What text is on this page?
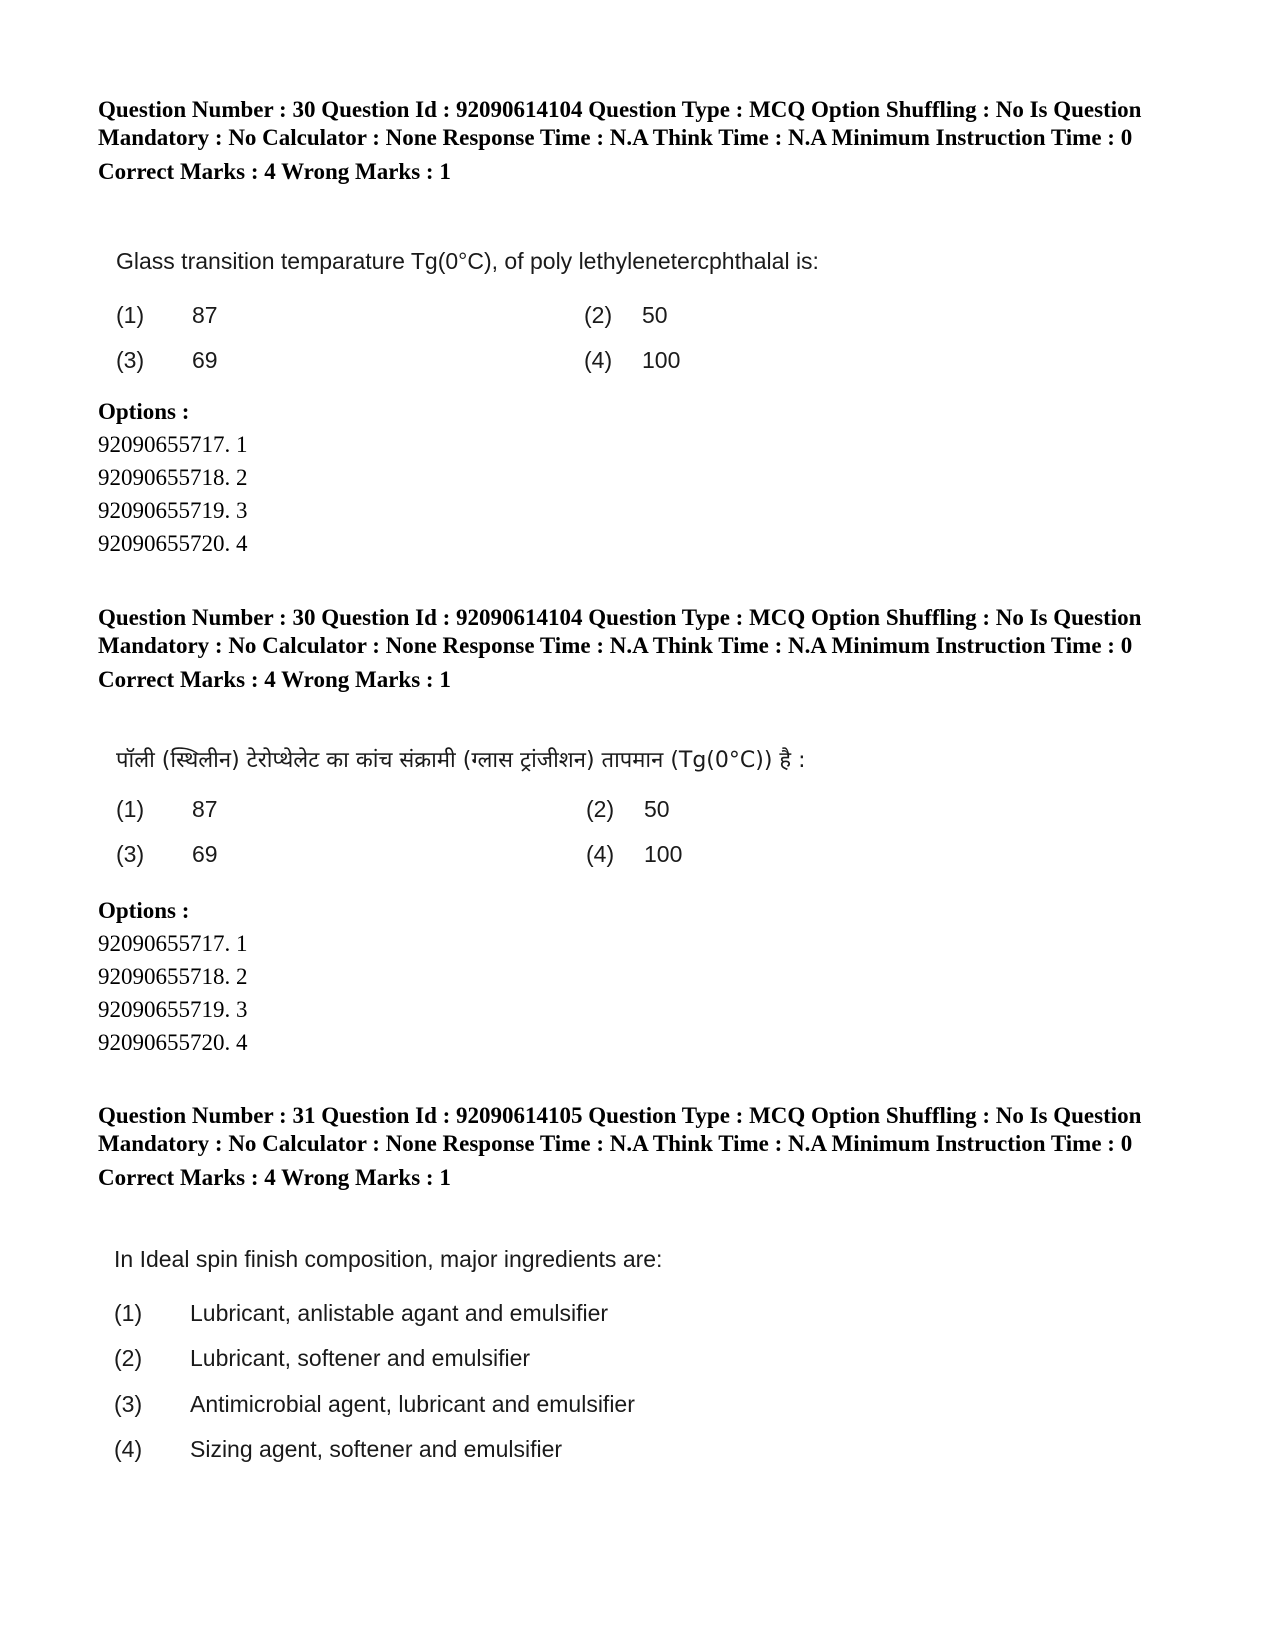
Question Number : 30 Question Id : 92090614104 Question Type : MCQ Option Shuffling : No Is Question Mandatory : No Calculator : None Response Time : N.A Think Time : N.A Minimum Instruction Time : 0
Correct Marks : 4 Wrong Marks : 1
Glass transition temparature Tg(0°C), of poly lethylenetercphthalal is:
(1) 87	(2) 50
(3) 69	(4) 100
Options :
92090655717. 1
92090655718. 2
92090655719. 3
92090655720. 4
Question Number : 30 Question Id : 92090614104 Question Type : MCQ Option Shuffling : No Is Question Mandatory : No Calculator : None Response Time : N.A Think Time : N.A Minimum Instruction Time : 0
Correct Marks : 4 Wrong Marks : 1
पॉली (स्थिलीन) टेरोप्थेलेट का कांच संक्रामी (ग्लास ट्रांजीशन) तापमान (Tg(0°C)) है :
(1) 87	(2) 50
(3) 69	(4) 100
Options :
92090655717. 1
92090655718. 2
92090655719. 3
92090655720. 4
Question Number : 31 Question Id : 92090614105 Question Type : MCQ Option Shuffling : No Is Question Mandatory : No Calculator : None Response Time : N.A Think Time : N.A Minimum Instruction Time : 0
Correct Marks : 4 Wrong Marks : 1
In Ideal spin finish composition, major ingredients are:
(1) Lubricant, anlistable agant and emulsifier
(2) Lubricant, softener and emulsifier
(3) Antimicrobial agent, lubricant and emulsifier
(4) Sizing agent, softener and emulsifier
